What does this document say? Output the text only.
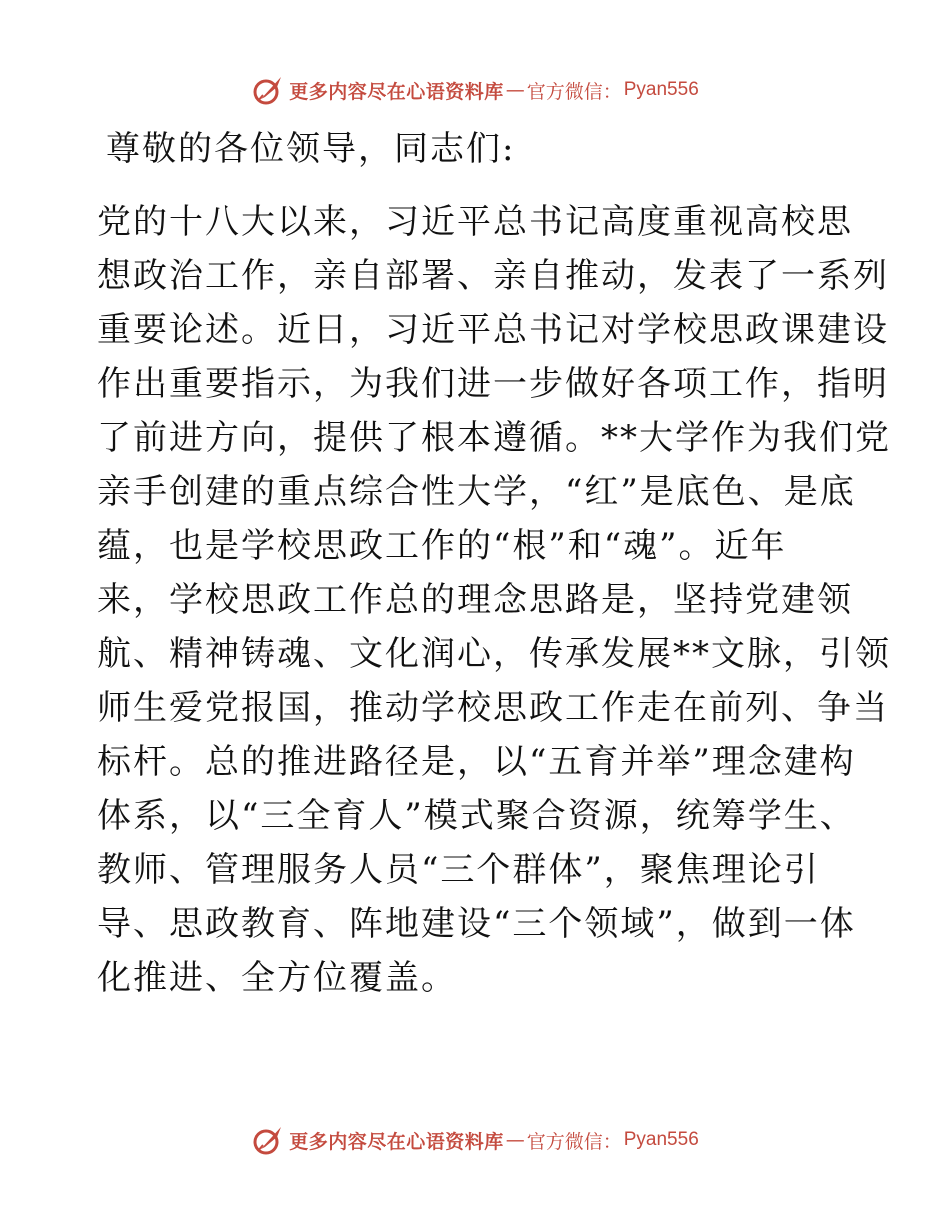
更多内容尽在心语资料库 — 官方微信： Pyan556
尊敬的各位领导，同志们:
党的十八大以来，习近平总书记高度重视高校思
想政治工作，亲自部署、亲自推动，发表了一系列
重要论述。近日，习近平总书记对学校思政课建设
作出重要指示，为我们进一步做好各项工作，指明
了前进方向，提供了根本遵循。**大学作为我们党
亲手创建的重点综合性大学，“红”是底色、是底
蕴，也是学校思政工作的“根”和“魂”。近年
来，学校思政工作总的理念思路是，坚持党建领
航、精神铸魂、文化润心，传承发展**文脉，引领
师生爱党报国，推动学校思政工作走在前列、争当
标杆。总的推进路径是，以“五育并举”理念建构
体系，以“三全育人”模式聚合资源，统筹学生、
教师、管理服务人员“三个群体”，聚焦理论引
导、思政教育、阵地建设“三个领域”，做到一体
化推进、全方位覆盖。
更多内容尽在心语资料库 — 官方微信： Pyan556
